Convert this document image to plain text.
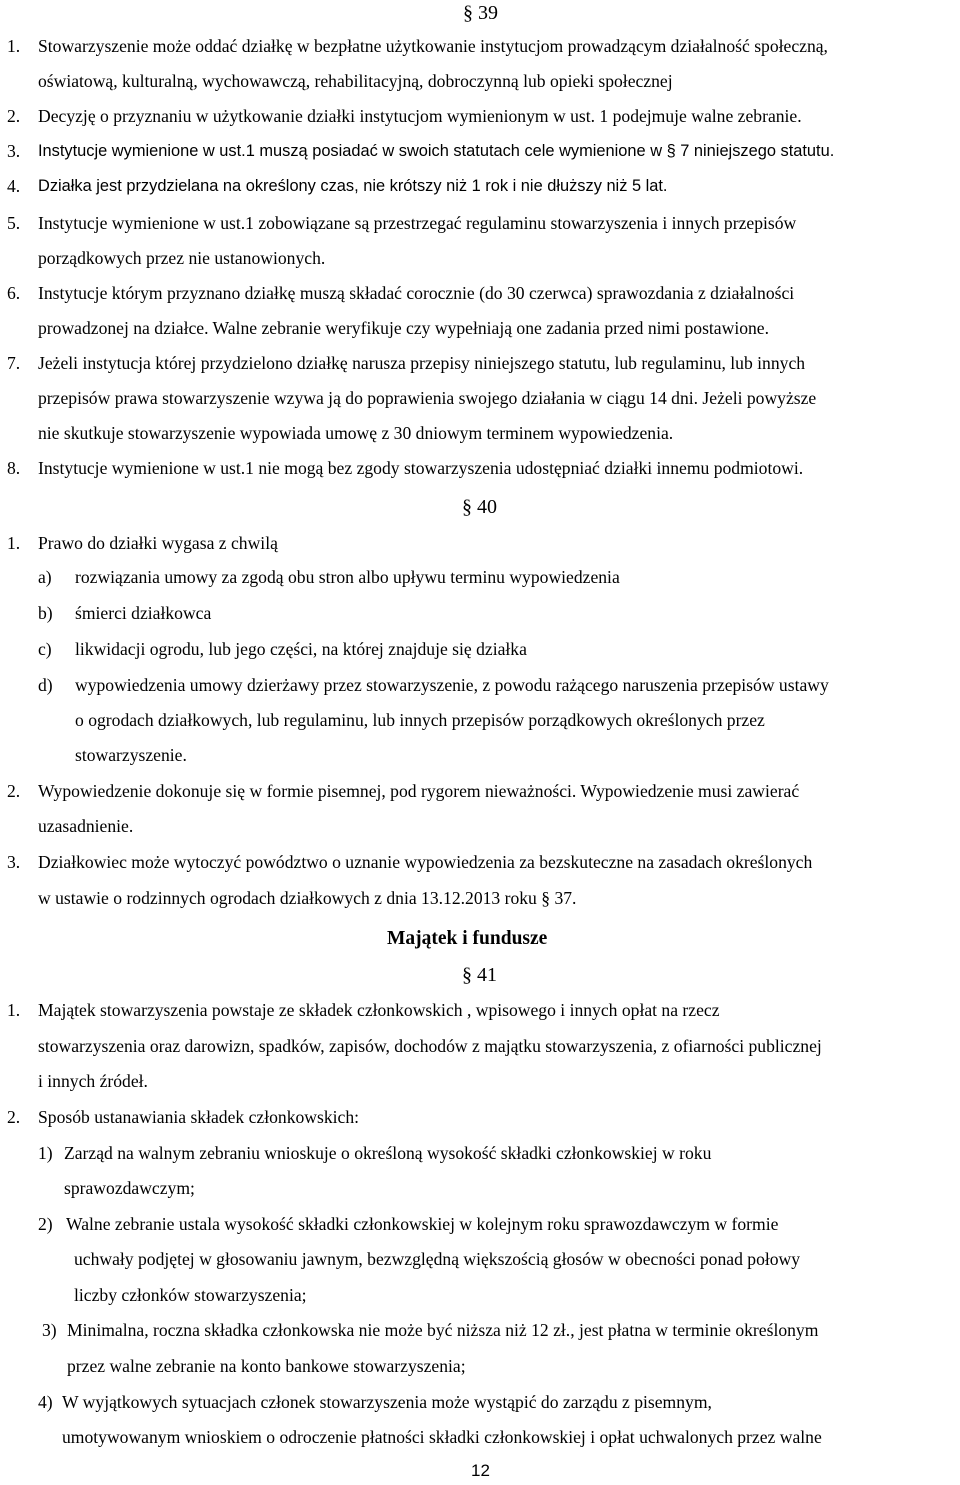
§ 39
1. Stowarzyszenie może oddać działkę w bezpłatne użytkowanie instytucjom prowadzącym działalność społeczną,
oświatową, kulturalną, wychowawczą, rehabilitacyjną, dobroczynną lub opieki społecznej
2. Decyzję o przyznaniu w użytkowanie działki instytucjom wymienionym w ust. 1 podejmuje walne zebranie.
3. Instytucje wymienione w ust.1 muszą posiadać w swoich statutach cele wymienione w § 7 niniejszego statutu.
4. Działka jest przydzielana na określony czas, nie krótszy niż 1 rok i nie dłuższy niż 5 lat.
5. Instytucje wymienione w ust.1 zobowiązane są przestrzegać regulaminu stowarzyszenia i innych przepisów
porządkowych przez nie ustanowionych.
6. Instytucje którym przyznano działkę muszą składać corocznie (do 30 czerwca) sprawozdania z działalności
prowadzonej na działce. Walne zebranie weryfikuje czy wypełniają one zadania przed nimi postawione.
7. Jeżeli instytucja której przydzielono działkę narusza przepisy niniejszego statutu, lub regulaminu, lub innych
przepisów prawa stowarzyszenie wzywa ją do poprawienia swojego działania w ciągu 14 dni. Jeżeli powyższe
nie skutkuje stowarzyszenie wypowiada umowę z 30 dniowym terminem wypowiedzenia.
8. Instytucje wymienione w ust.1 nie mogą bez zgody stowarzyszenia udostępniać działki innemu podmiotowi.
§ 40
1. Prawo do działki wygasa z chwilą
a) rozwiązania umowy za zgodą obu stron albo upływu terminu wypowiedzenia
b) śmierci działkowca
c) likwidacji ogrodu, lub jego części, na której znajduje się działka
d) wypowiedzenia umowy dzierżawy przez stowarzyszenie, z powodu rażącego naruszenia przepisów ustawy
o ogrodach działkowych, lub regulaminu, lub innych przepisów porządkowych określonych przez
stowarzyszenie.
2. Wypowiedzenie dokonuje się w formie pisemnej, pod rygorem nieważności. Wypowiedzenie musi zawierać
uzasadnienie.
3. Działkowiec może wytoczyć powództwo o uznanie wypowiedzenia za bezskuteczne na zasadach określonych
w ustawie o rodzinnych ogrodach działkowych z dnia 13.12.2013 roku § 37.
Majątek i fundusze
§ 41
1. Majątek stowarzyszenia powstaje ze składek członkowskich , wpisowego i innych opłat na rzecz
stowarzyszenia oraz darowizn, spadków, zapisów, dochodów z majątku stowarzyszenia, z ofiarności publicznej
i innych źródeł.
2. Sposób ustanawiania składek członkowskich:
1) Zarząd na walnym zebraniu wnioskuje o określoną wysokość składki członkowskiej w roku
sprawozdawczym;
2) Walne zebranie ustala wysokość składki członkowskiej w kolejnym roku sprawozdawczym w formie
uchwały podjętej w głosowaniu jawnym, bezwzględną większością głosów w obecności ponad połowy
liczby członków stowarzyszenia;
3) Minimalna, roczna składka członkowska nie może być niższa niż 12 zł., jest płatna w terminie określonym
przez walne zebranie na konto bankowe stowarzyszenia;
4) W wyjątkowych sytuacjach członek stowarzyszenia może wystąpić do zarządu z pisemnym,
umotywowanym wnioskiem o odroczenie płatności składki członkowskiej i opłat uchwalonych przez walne
12
